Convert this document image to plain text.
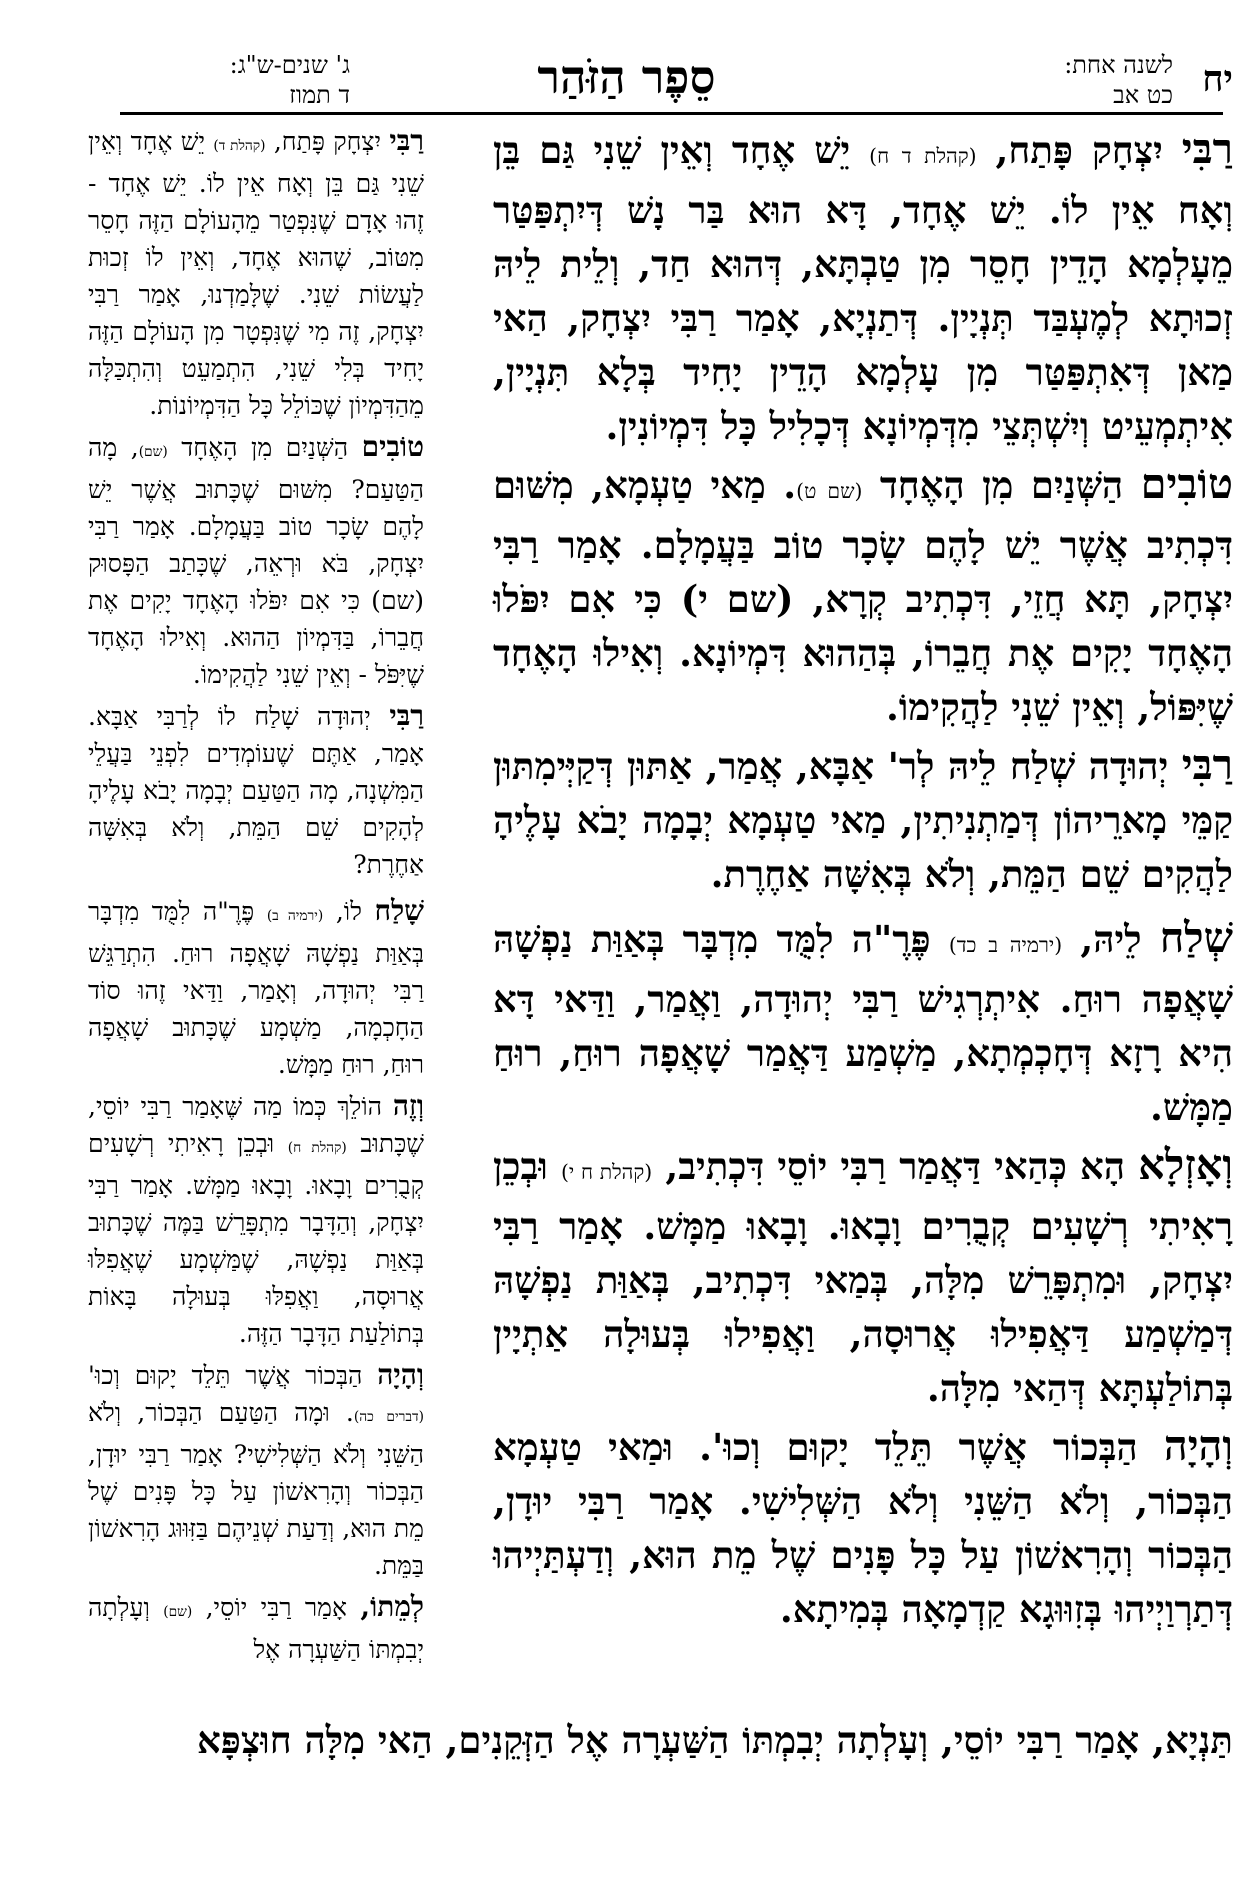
יח
לשנה אחת:
כט אב
סֵפֶר הַזֹּהַר
ג' שנים-ש"ג:
ד תמוז

רַבִּי יִצְחָק פָּתַח, (קהלת ד ח) יֵשׁ אֶחָד וְאֵין שֵׁנִי גַּם בֵּן וְאָח אֵין לוֹ. יֵשׁ אֶחָד, דָּא הוּא בַּר נָשׁ דְּיִתְפַּטַּר מֵעָלְמָא הָדֵין חָסֵר מִן טַבְתָּא, דְּהוּא חַד, וְלֵית לֵיהּ זְכוּתָא לְמֶעְבַּד תְּנְיָין. דְּתַנְיָא, אָמַר רַבִּי יִצְחָק, הַאי מַאן דְּאִתְפַּטַּר מִן עָלְמָא הָדֵין יָחִיד בְּלָא תִּנְיָין, אִיתְמְעֵיט וְיִשְׁתְּצֵי מִדְּמְיוֹנָא דְּכָלִיל כָּל דִּמְיוֹנִין.

טוֹבִים הַשְּׁנַיִם מִן הָאֶחָד (שם ט). מַאי טַעְמָא, מִשּׁוּם דִּכְתִיב אֲשֶׁר יֵשׁ לָהֶם שָׂכָר טוֹב בַּעֲמָלָם. אָמַר רַבִּי יִצְחָק, תָּא חֲזֵי, דִּכְתִיב קְרָא, (שם י) כִּי אִם יִפֹּלוּ הָאֶחָד יָקִים אֶת חֲבֵרוֹ, בְּהַהוּא דִּמְיוֹנָא. וְאִילוּ הָאֶחָד שֶׁיִּפּוֹל, וְאֵין שֵׁנִי לַהֲקִימוֹ.

רַבִּי יְהוּדָה שְׁלַח לֵיהּ לְר' אַבָּא, אֲמַר, אַתּוּן דְּקַיְּימִתּוּן קַמֵּי מָארֵיהוֹן דְּמַתְנִיתִין, מַאי טַעְמָא יְבָמָה יָבֹא עָלֶיהָ לַהֲקִים שֵׁם הַמֵּת, וְלֹא בְּאִשָּׁה אַחֶרֶת.

שְׁלַח לֵיהּ, (ירמיה ב כד) פֶּרֶ"ה לִמֻּד מִדְבָּר בְּאַוַּת נַפְשָׁהּ שָׁאֲפָה רוּחַ. אִיתְרְגִישׁ רַבִּי יְהוּדָה, וַאֲמַר, וַדַּאי דָּא הִיא רָזָא דְּחָכְמְתָא, מַשְׁמַע דַּאֲמַר שָׁאֲפָה רוּחַ, רוּחַ מַמָּשׁ.

וְאָזְלָא הָא כְּהַאי דַּאֲמַר רַבִּי יוֹסֵי דִּכְתִיב, (קהלת ח י) וּבְכֵן רָאִיתִי רְשָׁעִים קְבֻרִים וָבָאוּ. וָבָאוּ מַמָּשׁ. אָמַר רַבִּי יִצְחָק, וּמִתְפָּרֵשׁ מִלָּה, בְּמַאי דִּכְתִיב, בְּאַוַּת נַפְשָׁהּ דְּמַשְׁמַע דַּאֲפִילוּ אֲרוּסָה, וַאֲפִילוּ בְּעוּלָה אַתְיָין בְּתוֹלַעְתָּא דְּהַאי מִלָּה.

וְהָיָה הַבְּכוֹר אֲשֶׁר תֵּלֵד יָקוּם וְכוּ'. וּמַאי טַעְמָא הַבְּכוֹר, וְלֹא הַשֵּׁנִי וְלֹא הַשְּׁלִישִׁי. אָמַר רַבִּי יוּדָן, הַבְּכוֹר וְהָרִאשׁוֹן עַל כָּל פָּנִים שֶׁל מֵת הוּא, וְדַעְתַּיְיהוּ דְּתַרְוַיְיהוּ בְּזִוּוּגָא קַדְמָאָה בְּמִיתָא.

רַבִּי יִצְחָק פָּתַח, (קהלת ד) יֵשׁ אֶחָד וְאֵין שֵׁנִי גַּם בֵּן וְאָח אֵין לוֹ. יֵשׁ אֶחָד - זֶהוּ אָדָם שֶׁנִּפְטַר מֵהָעוֹלָם הַזֶּה חָסֵר מִטּוֹב, שֶׁהוּא אֶחָד, וְאֵין לוֹ זְכוּת לַעֲשׂוֹת שֵׁנִי. שֶׁלָּמַדְנוּ, אָמַר רַבִּי יִצְחָק, זֶה מִי שֶׁנִּפְטָר מִן הָעוֹלָם הַזֶּה יָחִיד בְּלִי שֵׁנִי, הִתְמַעֵט וְהִתְכַּלָּה מֵהַדִּמְיוֹן שֶׁכּוֹלֵל כָּל הַדִּמְיוֹנוֹת.

טוֹבִים הַשְּׁנַיִם מִן הָאֶחָד (שם), מָה הַטַּעַם? מִשּׁוּם שֶׁכָּתוּב אֲשֶׁר יֵשׁ לָהֶם שָׂכָר טוֹב בַּעֲמָלָם. אָמַר רַבִּי יִצְחָק, בֹּא וּרְאֵה, שֶׁכָּתַב הַפָּסוּק (שם) כִּי אִם יִפֹּלוּ הָאֶחָד יָקִים אֶת חֲבֵרוֹ, בַּדִּמְיוֹן הַהוּא. וְאִילוּ הָאֶחָד שֶׁיִּפֹּל - וְאֵין שֵׁנִי לַהֲקִימוֹ.

רַבִּי יְהוּדָה שָׁלַח לוֹ לְרַבִּי אַבָּא. אָמַר, אַתֶּם שֶׁעוֹמְדִים לִפְנֵי בַּעֲלֵי הַמִּשְׁנָה, מָה הַטַּעַם יְבָמָה יָבֹא עָלֶיהָ לְהָקִים שֵׁם הַמֵּת, וְלֹא בְּאִשָּׁה אַחֶרֶת?

שָׁלַח לוֹ, (ירמיה ב) פֶּרֶ"ה לִמֻּד מִדְבָּר בְּאַוַּת נַפְשָׁהּ שָׁאֲפָה רוּחַ. הִתְרַגֵּשׁ רַבִּי יְהוּדָה, וְאָמַר, וַדַּאי זֶהוּ סוֹד הַחָכְמָה, מַשְׁמָע שֶׁכָּתוּב שָׁאֲפָה רוּחַ, רוּחַ מַמָּשׁ.

וְזֶה הוֹלֵךְ כְּמוֹ מַה שֶּׁאָמַר רַבִּי יוֹסֵי, שֶׁכָּתוּב (קהלת ח) וּבְכֵן רָאִיתִי רְשָׁעִים קְבֻרִים וָבָאוּ. וָבָאוּ מַמָּשׁ. אָמַר רַבִּי יִצְחָק, וְהַדָּבָר מִתְפָּרֵשׁ בַּמֶּה שֶׁכָּתוּב בְּאַוַּת נַפְשָׁהּ, שֶׁמַּשְׁמָע שֶׁאֲפִלּוּ אֲרוּסָה, וַאֲפִלּוּ בְּעוּלָה בָּאוֹת בְּתוֹלַעַת הַדָּבָר הַזֶּה.

וְהָיָה הַבְּכוֹר אֲשֶׁר תֵּלֵד יָקוּם וְכוּ' (דברים כה). וּמָה הַטַּעַם הַבְּכוֹר, וְלֹא הַשֵּׁנִי וְלֹא הַשְּׁלִישִׁי? אָמַר רַבִּי יוּדָן, הַבְּכוֹר וְהָרִאשׁוֹן עַל כָּל פָּנִים שֶׁל מֵת הוּא, וְדַעַת שְׁנֵיהֶם בַּזִּוּוּג הָרִאשׁוֹן בַּמֵּת.

לְמֵתוֹ, אָמַר רַבִּי יוֹסֵי, (שם) וְעָלְתָה יְבִמְתּוֹ הַשַּׁעְרָה אֶל

תַּנְיָא, אָמַר רַבִּי יוֹסֵי, וְעָלְתָה יְבִמְתּוֹ הַשַּׁעְרָה אֶל הַזְּקֵנִים, הַאי מִלָּה חוּצְפָּא
